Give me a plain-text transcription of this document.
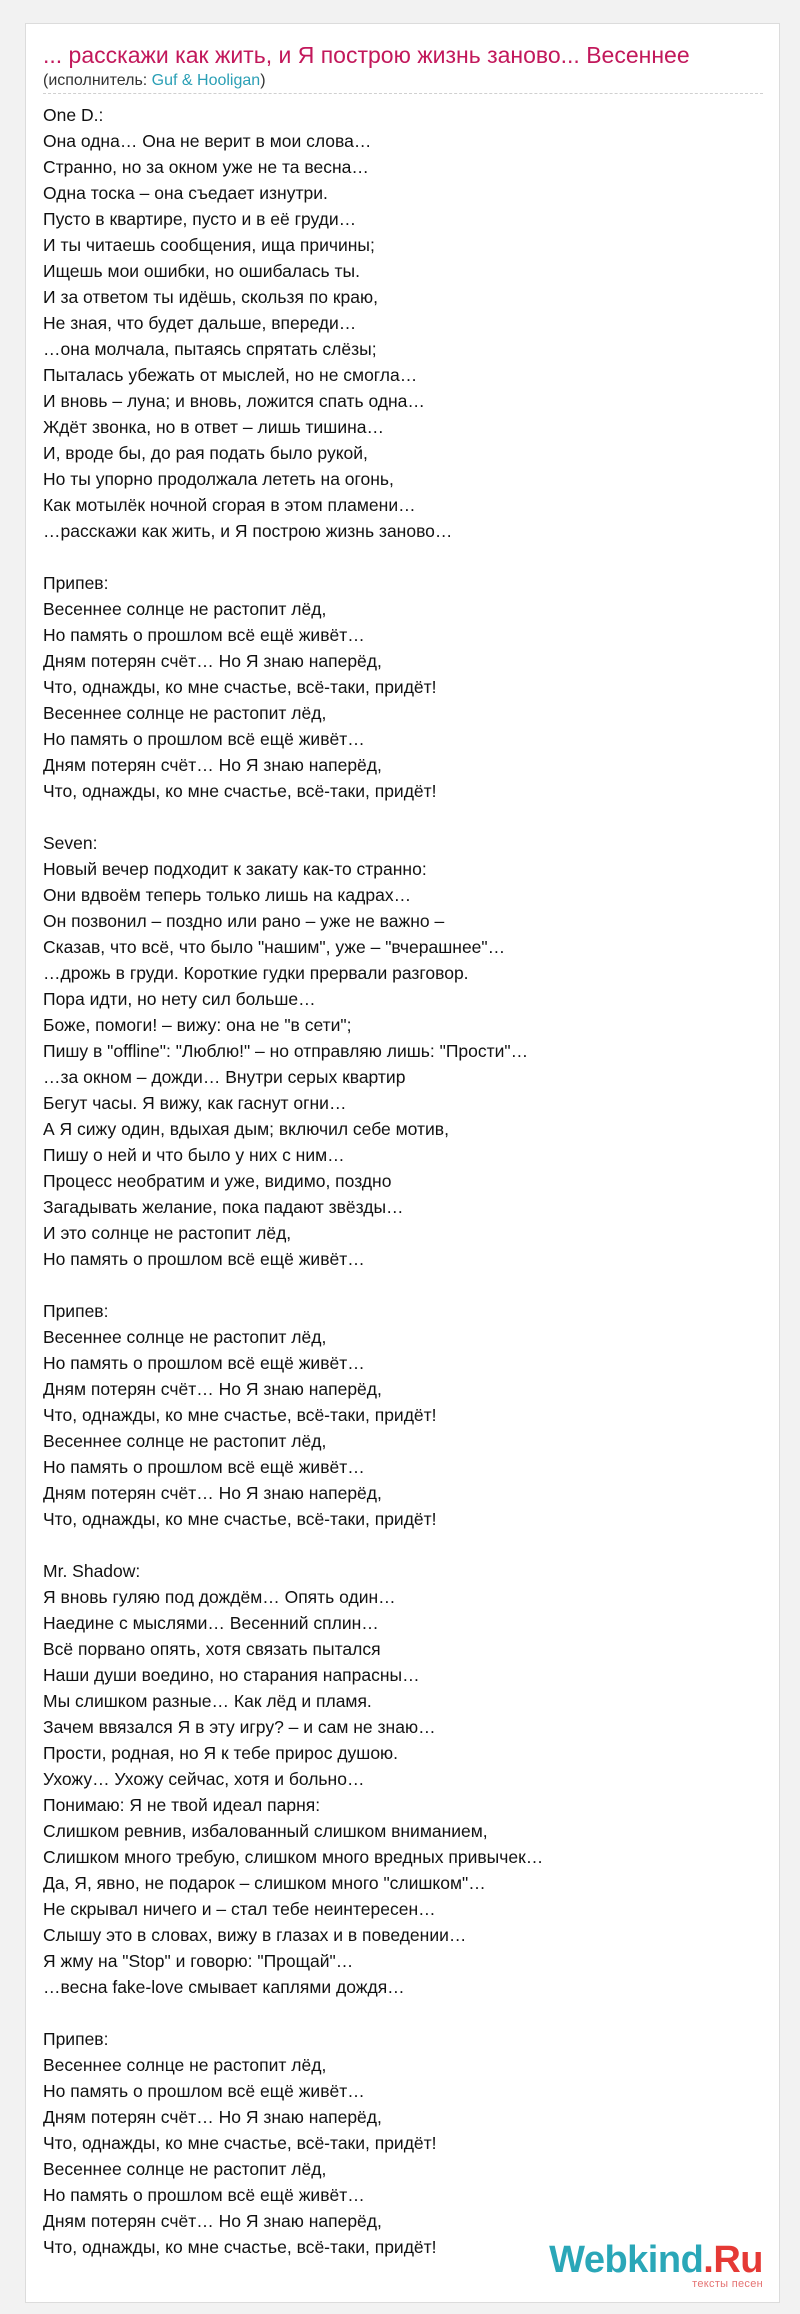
... расскажи как жить, и Я построю жизнь заново... Весеннее
(исполнитель: Guf & Hooligan)
One D.:
Она одна… Она не верит в мои слова…
Странно, но за окном уже не та весна…
Одна тоска – она съедает изнутри.
Пусто в квартире, пусто и в её груди…
И ты читаешь сообщения, ища причины;
Ищешь мои ошибки, но ошибалась ты.
И за ответом ты идёшь, скользя по краю,
Не зная, что будет дальше, впереди…
…она молчала, пытаясь спрятать слёзы;
Пыталась убежать от мыслей, но не смогла…
И вновь – луна; и вновь, ложится спать одна…
Ждёт звонка, но в ответ – лишь тишина…
И, вроде бы, до рая подать было рукой,
Но ты упорно продолжала лететь на огонь,
Как мотылёк ночной сгорая в этом пламени…
…расскажи как жить, и Я построю жизнь заново…
Припев:
Весеннее солнце не растопит лёд,
Но память о прошлом всё ещё живёт…
Дням потерян счёт… Но Я знаю наперёд,
Что, однажды, ко мне счастье, всё-таки, придёт!
Весеннее солнце не растопит лёд,
Но память о прошлом всё ещё живёт…
Дням потерян счёт… Но Я знаю наперёд,
Что, однажды, ко мне счастье, всё-таки, придёт!
Seven:
Новый вечер подходит к закату как-то странно:
Они вдвоём теперь только лишь на кадрах…
Он позвонил – поздно или рано – уже не важно –
Сказав, что всё, что было "нашим", уже – "вчерашнее"…
…дрожь в груди. Короткие гудки прервали разговор.
Пора идти, но нету сил больше…
Боже, помоги! – вижу: она не "в сети";
Пишу в "offline": "Люблю!" – но отправляю лишь: "Прости"…
…за окном – дожди… Внутри серых квартир
Бегут часы. Я вижу, как гаснут огни…
А Я сижу один, вдыхая дым; включил себе мотив,
Пишу о ней и что было у них с ним…
Процесс необратим и уже, видимо, поздно
Загадывать желание, пока падают звёзды…
И это солнце не растопит лёд,
Но память о прошлом всё ещё живёт…
Припев:
Весеннее солнце не растопит лёд,
Но память о прошлом всё ещё живёт…
Дням потерян счёт… Но Я знаю наперёд,
Что, однажды, ко мне счастье, всё-таки, придёт!
Весеннее солнце не растопит лёд,
Но память о прошлом всё ещё живёт…
Дням потерян счёт… Но Я знаю наперёд,
Что, однажды, ко мне счастье, всё-таки, придёт!
Mr. Shadow:
Я вновь гуляю под дождём… Опять один…
Наедине с мыслями… Весенний сплин…
Всё порвано опять, хотя связать пытался
Наши души воедино, но старания напрасны…
Мы слишком разные… Как лёд и пламя.
Зачем ввязался Я в эту игру? – и сам не знаю…
Прости, родная, но Я к тебе прирос душою.
Ухожу… Ухожу сейчас, хотя и больно…
Понимаю: Я не твой идеал парня:
Слишком ревнив, избалованный слишком вниманием,
Слишком много требую, слишком много вредных привычек…
Да, Я, явно, не подарок – слишком много "слишком"…
Не скрывал ничего и – стал тебе неинтересен…
Слышу это в словах, вижу в глазах и в поведении…
Я жму на "Stop" и говорю: "Прощай"…
…весна fake-love смывает каплями дождя…
Припев:
Весеннее солнце не растопит лёд,
Но память о прошлом всё ещё живёт…
Дням потерян счёт… Но Я знаю наперёд,
Что, однажды, ко мне счастье, всё-таки, придёт!
Весеннее солнце не растопит лёд,
Но память о прошлом всё ещё живёт…
Дням потерян счёт… Но Я знаю наперёд,
Что, однажды, ко мне счастье, всё-таки, придёт!	Webkind.Ru
тексты песен
